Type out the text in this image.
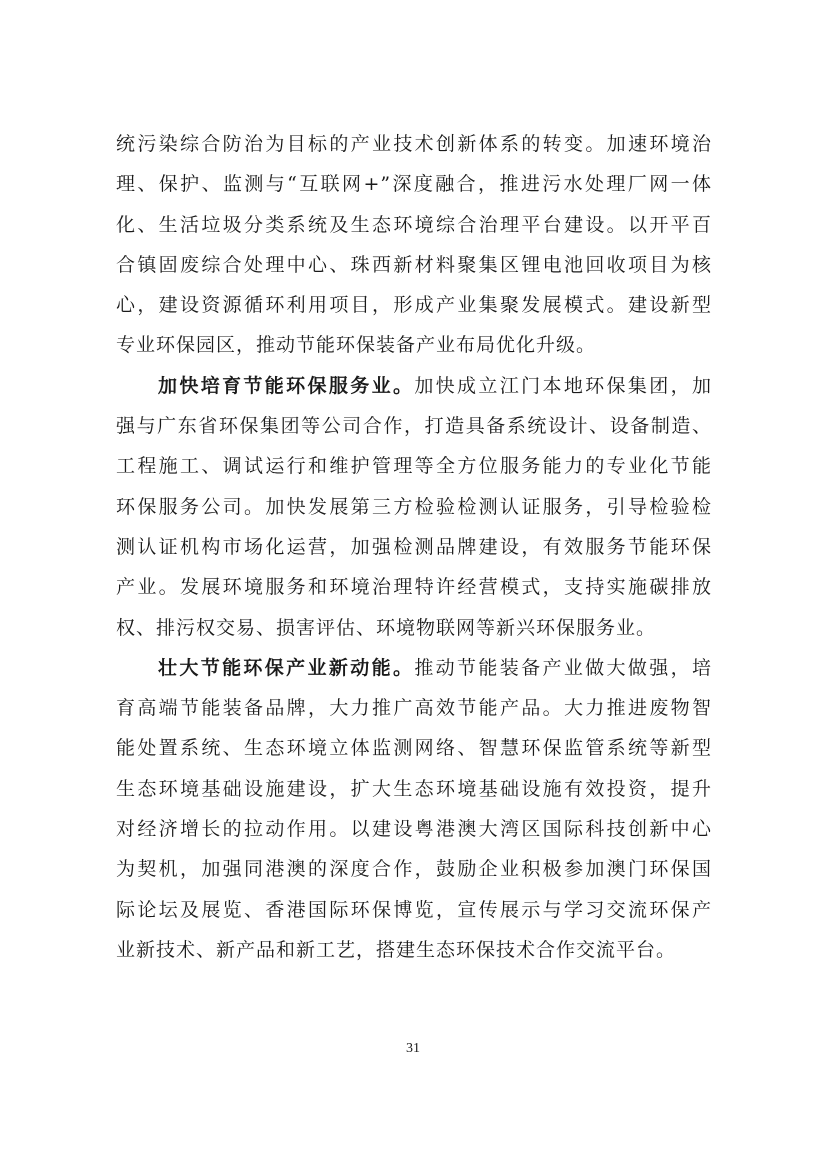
统污染综合防治为目标的产业技术创新体系的转变。加速环境治
理、保护、监测与“互联网+”深度融合，推进污水处理厂网一体
化、生活垃圾分类系统及生态环境综合治理平台建设。以开平百
合镇固废综合处理中心、珠西新材料聚集区锂电池回收项目为核
心，建设资源循环利用项目，形成产业集聚发展模式。建设新型
专业环保园区，推动节能环保装备产业布局优化升级。
加快培育节能环保服务业。加快成立江门本地环保集团，加
强与广东省环保集团等公司合作，打造具备系统设计、设备制造、
工程施工、调试运行和维护管理等全方位服务能力的专业化节能
环保服务公司。加快发展第三方检验检测认证服务，引导检验检
测认证机构市场化运营，加强检测品牌建设，有效服务节能环保
产业。发展环境服务和环境治理特许经营模式，支持实施碳排放
权、排污权交易、损害评估、环境物联网等新兴环保服务业。
壮大节能环保产业新动能。推动节能装备产业做大做强，培
育高端节能装备品牌，大力推广高效节能产品。大力推进废物智
能处置系统、生态环境立体监测网络、智慧环保监管系统等新型
生态环境基础设施建设，扩大生态环境基础设施有效投资，提升
对经济增长的拉动作用。以建设粤港澳大湾区国际科技创新中心
为契机，加强同港澳的深度合作，鼓励企业积极参加澳门环保国
际论坛及展览、香港国际环保博览，宣传展示与学习交流环保产
业新技术、新产品和新工艺，搭建生态环保技术合作交流平台。
31
